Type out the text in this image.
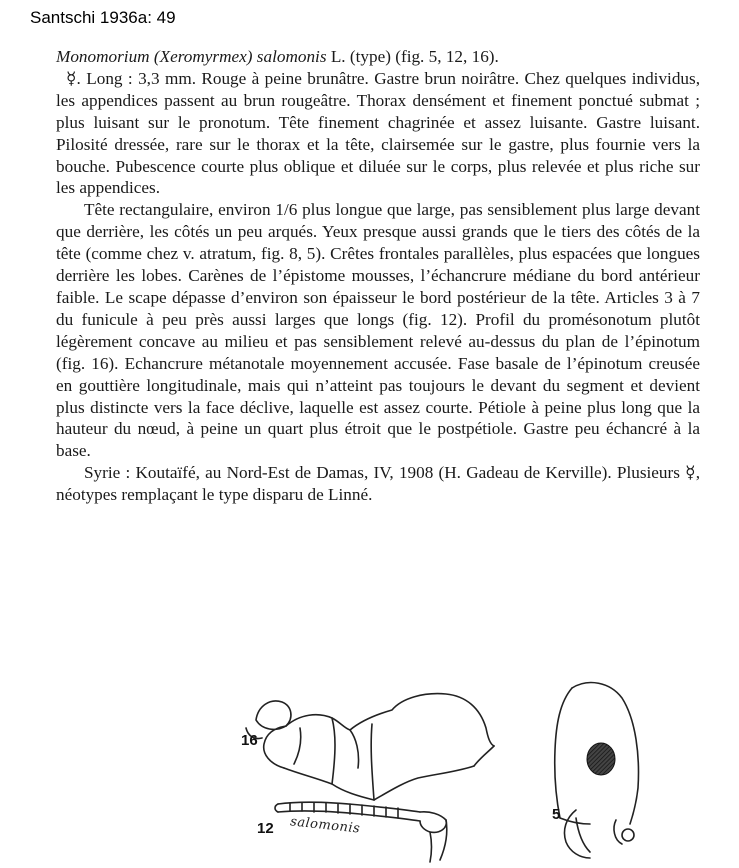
Santschi 1936a: 49
Monomorium (Xeromyrmex) salomonis L. (type) (fig. 5, 12, 16).

☿. Long : 3,3 mm. Rouge à peine brunâtre. Gastre brun noirâtre. Chez quelques individus, les appendices passent au brun rougeâtre. Thorax densément et finement ponctué submat ; plus luisant sur le pronotum. Tête finement chagrinée et assez luisante. Gastre luisant. Pilosité dressée, rare sur le thorax et la tête, clairsemée sur le gastre, plus fournie vers la bouche. Pubescence courte plus oblique et diluée sur le corps, plus relevée et plus riche sur les appendices.

Tête rectangulaire, environ 1/6 plus longue que large, pas sensiblement plus large devant que derrière, les côtés un peu arqués. Yeux presque aussi grands que le tiers des côtés de la tête (comme chez v. atratum, fig. 8, 5). Crêtes frontales parallèles, plus espacées que longues derrière les lobes. Carènes de l’épistome mousses, l’échancrure médiane du bord antérieur faible. Le scape dépasse d’environ son épaisseur le bord postérieur de la tête. Articles 3 à 7 du funicule à peu près aussi larges que longs (fig. 12). Profil du promésonotum plutôt légèrement concave au milieu et pas sensiblement relevé au-dessus du plan de l’épinotum (fig. 16). Echancrure métanotale moyennement accusée. Fase basale de l’épinotum creusée en gouttière longitudinale, mais qui n’atteint pas toujours le devant du segment et devient plus distincte vers la face déclive, laquelle est assez courte. Pétiole à peine plus long que la hauteur du nœud, à peine un quart plus étroit que le postpétiole. Gastre peu échancré à la base.

Syrie : Koutaïfé, au Nord-Est de Damas, IV, 1908 (H. Gadeau de Kerville). Plusieurs ☿, néotypes remplaçant le type disparu de Linné.

16
12
5
salomonis
